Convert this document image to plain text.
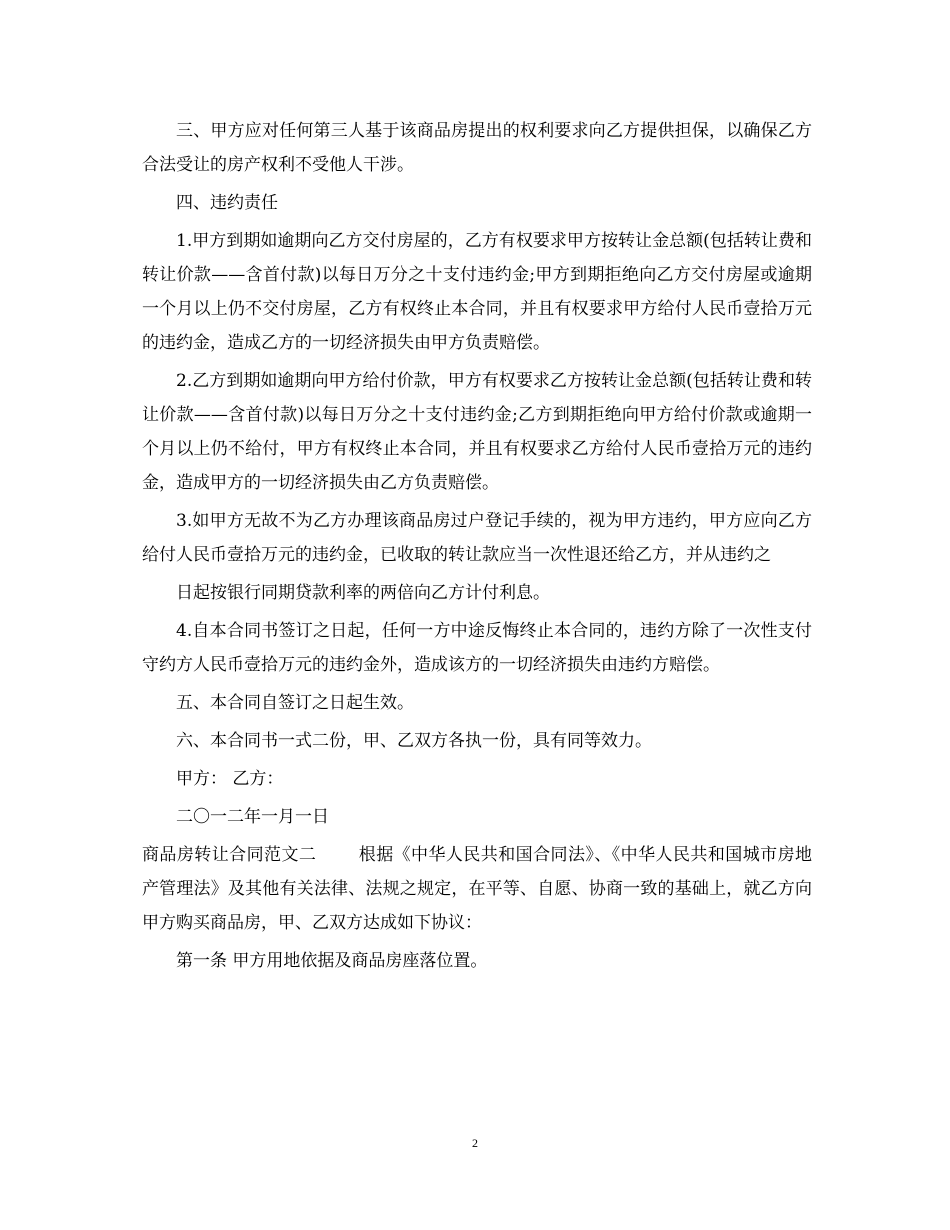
三、甲方应对任何第三人基于该商品房提出的权利要求向乙方提供担保，以确保乙方合法受让的房产权利不受他人干涉。

四、违约责任

1.甲方到期如逾期向乙方交付房屋的，乙方有权要求甲方按转让金总额(包括转让费和转让价款——含首付款)以每日万分之十支付违约金;甲方到期拒绝向乙方交付房屋或逾期一个月以上仍不交付房屋，乙方有权终止本合同，并且有权要求甲方给付人民币壹拾万元的违约金，造成乙方的一切经济损失由甲方负责赔偿。

2.乙方到期如逾期向甲方给付价款，甲方有权要求乙方按转让金总额(包括转让费和转让价款——含首付款)以每日万分之十支付违约金;乙方到期拒绝向甲方给付价款或逾期一个月以上仍不给付，甲方有权终止本合同，并且有权要求乙方给付人民币壹拾万元的违约金，造成甲方的一切经济损失由乙方负责赔偿。

3.如甲方无故不为乙方办理该商品房过户登记手续的，视为甲方违约，甲方应向乙方给付人民币壹拾万元的违约金，已收取的转让款应当一次性退还给乙方，并从违约之

日起按银行同期贷款利率的两倍向乙方计付利息。

4.自本合同书签订之日起，任何一方中途反悔终止本合同的，违约方除了一次性支付守约方人民币壹拾万元的违约金外，造成该方的一切经济损失由违约方赔偿。

五、本合同自签订之日起生效。

六、本合同书一式二份，甲、乙双方各执一份，具有同等效力。

甲方： 乙方：

二〇一二年一月一日

商品房转让合同范文二 根据《中华人民共和国合同法》、《中华人民共和国城市房地产管理法》及其他有关法律、法规之规定，在平等、自愿、协商一致的基础上，就乙方向甲方购买商品房，甲、乙双方达成如下协议：

第一条 甲方用地依据及商品房座落位置。

2
